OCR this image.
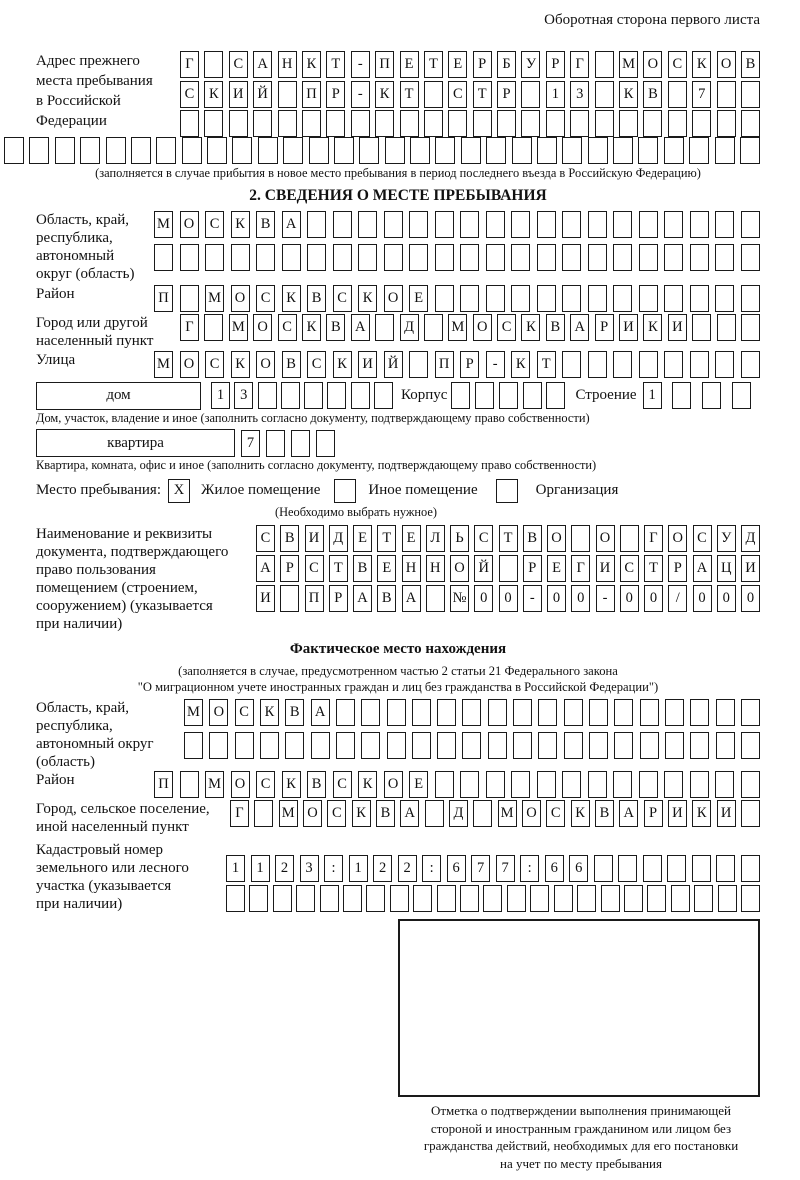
Оборотная сторона первого листа
Адрес прежнего
места пребывания
в Российской
Федерации
Г	С А Н К	Т	-	П	Е	Т	Е	Р	Б	У	Р	Г	М О С	К О В
С	К И Й	П	Р	-	К	Т	С	Т	Р	1	3	К	В	7
(заполняется в случае прибытия в новое место пребывания в период последнего въезда в Российскую Федерацию)
2. СВЕДЕНИЯ О МЕСТЕ ПРЕБЫВАНИЯ
Область, край,
республика,
автономный
округ (область)
М О	С	К	В	А
Район	П	М О	С	К	В	С	К	О	Е
Город или другой
населенный пункт
Г	М О С	К	В А	Д	М О С	К	В А	Р	И К И
Улица	М О	С	К	О	В	С	К	И Й	П	Р	-	К	Т
дом	1	3	Корпус	Строение 1
Дом, участок, владение и иное (заполнить согласно документу, подтверждающему право собственности)
квартира	7
Квартира, комната, офис и иное (заполнить согласно документу, подтверждающему право собственности)
Место пребывания: X	Жилое помещение	Иное помещение	Организация
(Необходимо выбрать нужное)
Наименование и реквизиты
документа, подтверждающего
право пользования
помещением (строением,
сооружением) (указывается
при наличии)
С	В И Д	Е	Т	Е	Л	Ь	С	Т	В О	О	Г	О С У Д
А	Р	С	Т	В	Е	Н Н О Й	Р	Е	Г	И С	Т	Р	А Ц И
И	П	Р	А В А	№ 0	0	-	0	0	-	0	0	/	0	0	0
Фактическое место нахождения
(заполняется в случае, предусмотренном частью 2 статьи 21 Федерального закона
"О миграционном учете иностранных граждан и лиц без гражданства в Российской Федерации")
Область, край,
республика,
автономный округ
(область)
М О	С	К	В	А
Район	П	М О	С	К	В	С	К	О	Е
Город, сельское поселение,
иной населенный пункт
Г	М О С	К	В А	Д	М О С	К	В А	Р	И К И
Кадастровый номер
земельного или лесного
участка (указывается
при наличии)
1	1	2	3	:	1	2	2	:	6	7	7	:	6	6
Отметка о подтверждении выполнения принимающей
стороной и иностранным гражданином или лицом без
гражданства действий, необходимых для его постановки
на учет по месту пребывания
